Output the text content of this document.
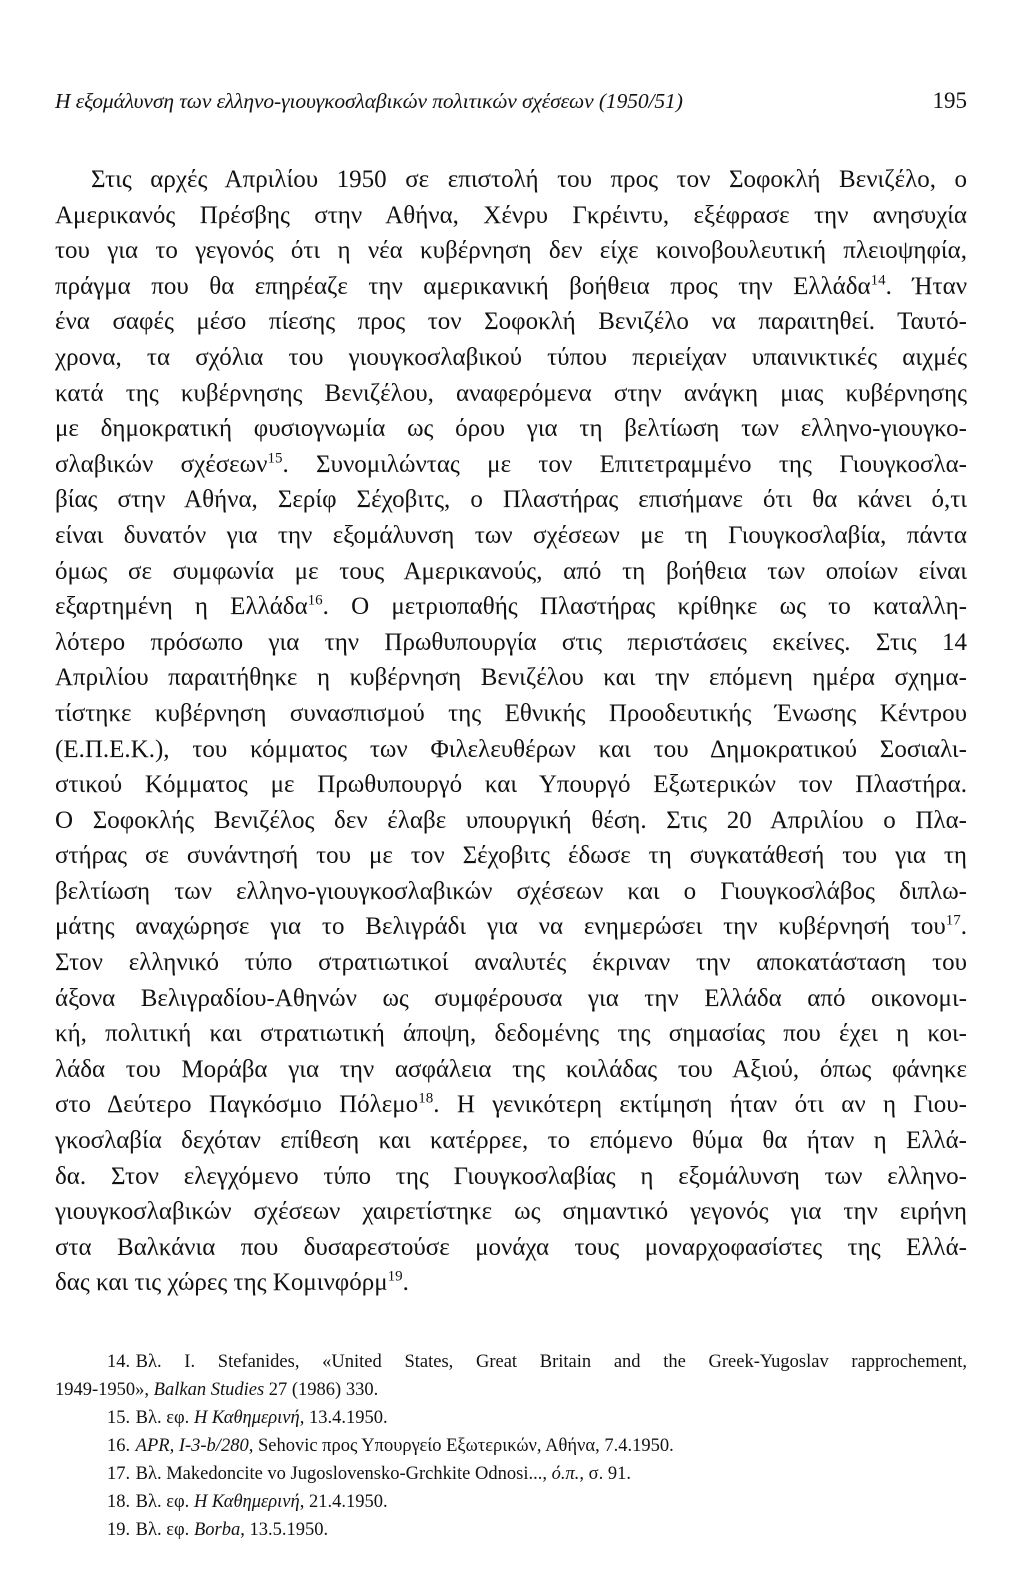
Η εξομάλυνση των ελληνο-γιουγκοσλαβικών πολιτικών σχέσεων (1950/51)	195
Στις αρχές Απριλίου 1950 σε επιστολή του προς τον Σοφοκλή Βενιζέλο, ο
Αμερικανός Πρέσβης στην Αθήνα, Χένρυ Γκρέιντυ, εξέφρασε την ανησυχία
του για το γεγονός ότι η νέα κυβέρνηση δεν είχε κοινοβουλευτική πλειοψηφία,
πράγμα που θα επηρέαζε την αμερικανική βοήθεια προς την Ελλάδα$^{14}$. Ήταν
ένα σαφές μέσο πίεσης προς τον Σοφοκλή Βενιζέλο να παραιτηθεί. Ταυτό-
χρονα, τα σχόλια του γιουγκοσλαβικού τύπου περιείχαν υπαινικτικές αιχμές
κατά της κυβέρνησης Βενιζέλου, αναφερόμενα στην ανάγκη μιας κυβέρνησης
με δημοκρατική φυσιογνωμία ως όρου για τη βελτίωση των ελληνο-γιουγκο-
σλαβικών σχέσεων$^{15}$. Συνομιλώντας με τον Επιτετραμμένο της Γιουγκοσλα-
βίας στην Αθήνα, Σερίφ Σέχοβιτς, ο Πλαστήρας επισήμανε ότι θα κάνει ό,τι
είναι δυνατόν για την εξομάλυνση των σχέσεων με τη Γιουγκοσλαβία, πάντα
όμως σε συμφωνία με τους Αμερικανούς, από τη βοήθεια των οποίων είναι
εξαρτημένη η Ελλάδα$^{16}$. Ο μετριοπαθής Πλαστήρας κρίθηκε ως το καταλλη-
λότερο πρόσωπο για την Πρωθυπουργία στις περιστάσεις εκείνες. Στις 14
Απριλίου παραιτήθηκε η κυβέρνηση Βενιζέλου και την επόμενη ημέρα σχημα-
τίστηκε κυβέρνηση συνασπισμού της Εθνικής Προοδευτικής Ένωσης Κέντρου
(Ε.Π.Ε.Κ.), του κόμματος των Φιλελευθέρων και του Δημοκρατικού Σοσιαλι-
στικού Κόμματος με Πρωθυπουργό και Υπουργό Εξωτερικών τον Πλαστήρα.
Ο Σοφοκλής Βενιζέλος δεν έλαβε υπουργική θέση. Στις 20 Απριλίου ο Πλα-
στήρας σε συνάντησή του με τον Σέχοβιτς έδωσε τη συγκατάθεσή του για τη
βελτίωση των ελληνο-γιουγκοσλαβικών σχέσεων και ο Γιουγκοσλάβος διπλω-
μάτης αναχώρησε για το Βελιγράδι για να ενημερώσει την κυβέρνησή του$^{17}$.
Στον ελληνικό τύπο στρατιωτικοί αναλυτές έκριναν την αποκατάσταση του
άξονα Βελιγραδίου-Αθηνών ως συμφέρουσα για την Ελλάδα από οικονομι-
κή, πολιτική και στρατιωτική άποψη, δεδομένης της σημασίας που έχει η κοι-
λάδα του Μοράβα για την ασφάλεια της κοιλάδας του Αξιού, όπως φάνηκε
στο Δεύτερο Παγκόσμιο Πόλεμο$^{18}$. Η γενικότερη εκτίμηση ήταν ότι αν η Γιου-
γκοσλαβία δεχόταν επίθεση και κατέρρεε, το επόμενο θύμα θα ήταν η Ελλά-
δα. Στον ελεγχόμενο τύπο της Γιουγκοσλαβίας η εξομάλυνση των ελληνο-
γιουγκοσλαβικών σχέσεων χαιρετίστηκε ως σημαντικό γεγονός για την ειρήνη
στα Βαλκάνια που δυσαρεστούσε μονάχα τους μοναρχοφασίστες της Ελλά-
δας και τις χώρες της Κομινφόρμ$^{19}$.
14. Βλ. I. Stefanides, «United States, Great Britain and the Greek-Yugoslav rapprochement,
1949-1950», Balkan Studies 27 (1986) 330.
15. Βλ. εφ. Η Καθημερινή, 13.4.1950.
16. APR, I-3-b/280, Sehovic προς Υπουργείο Εξωτερικών, Αθήνα, 7.4.1950.
17. Βλ. Makedoncite vo Jugoslovensko-Grchkite Odnosi..., ό.π., σ. 91.
18. Βλ. εφ. Η Καθημερινή, 21.4.1950.
19. Βλ. εφ. Borba, 13.5.1950.
